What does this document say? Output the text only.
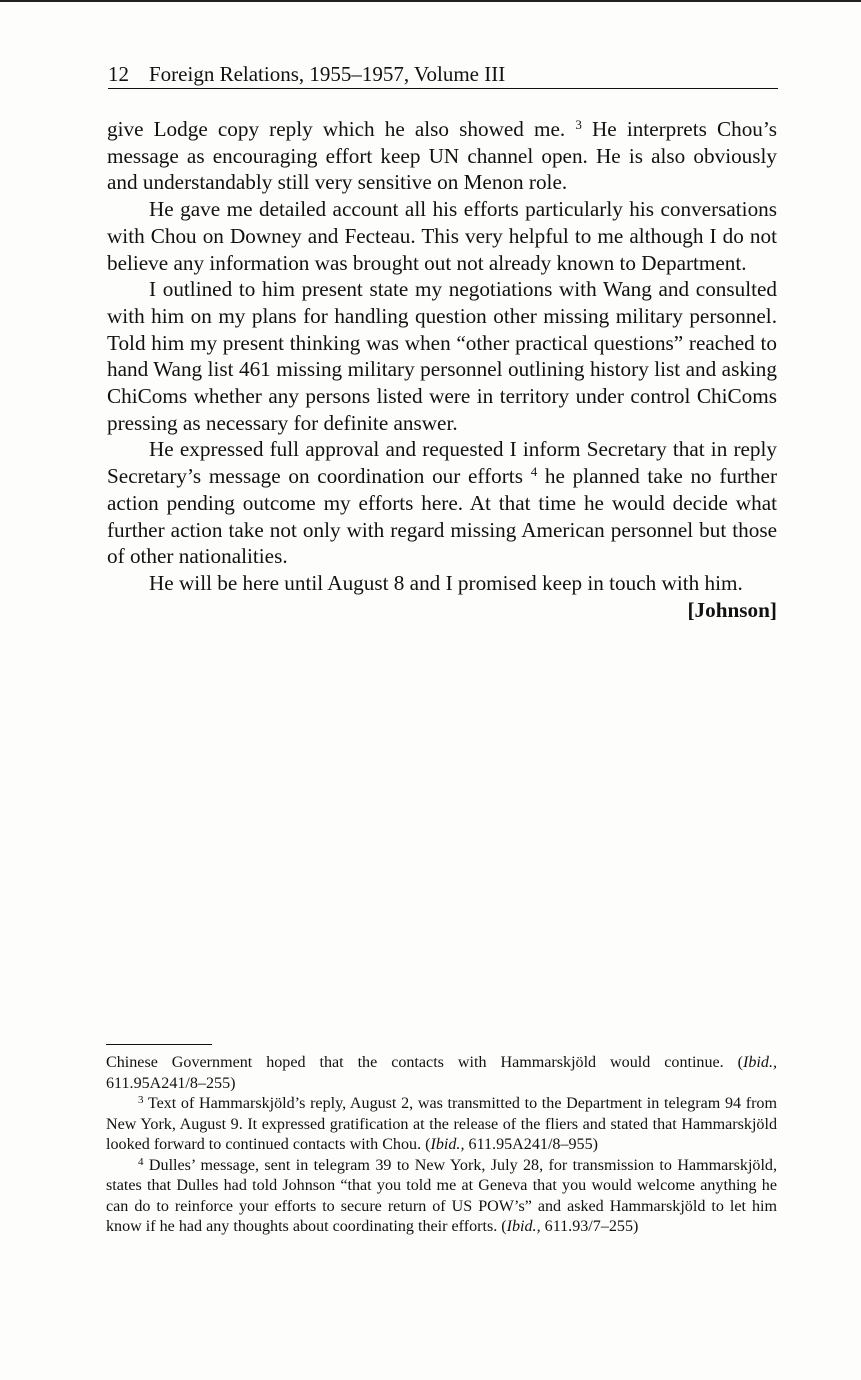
12 Foreign Relations, 1955–1957, Volume III

give Lodge copy reply which he also showed me. $^3$ He interprets Chou’s message as encouraging effort keep UN channel open. He is also obviously and understandably still very sensitive on Menon role.

He gave me detailed account all his efforts particularly his conversations with Chou on Downey and Fecteau. This very helpful to me although I do not believe any information was brought out not already known to Department.

I outlined to him present state my negotiations with Wang and consulted with him on my plans for handling question other missing military personnel. Told him my present thinking was when “other practical questions” reached to hand Wang list 461 missing military personnel outlining history list and asking ChiComs whether any persons listed were in territory under control ChiComs pressing as necessary for definite answer.

He expressed full approval and requested I inform Secretary that in reply Secretary’s message on coordination our efforts $^4$ he planned take no further action pending outcome my efforts here. At that time he would decide what further action take not only with regard missing American personnel but those of other nationalities.

He will be here until August 8 and I promised keep in touch with him.

[Johnson]

Chinese Government hoped that the contacts with Hammarskjöld would continue. (Ibid., 611.95A241/8–255)

$^3$ Text of Hammarskjöld’s reply, August 2, was transmitted to the Department in telegram 94 from New York, August 9. It expressed gratification at the release of the fliers and stated that Hammarskjöld looked forward to continued contacts with Chou. (Ibid., 611.95A241/8–955)

$^4$ Dulles’ message, sent in telegram 39 to New York, July 28, for transmission to Hammarskjöld, states that Dulles had told Johnson “that you told me at Geneva that you would welcome anything he can do to reinforce your efforts to secure return of US POW’s” and asked Hammarskjöld to let him know if he had any thoughts about coordinating their efforts. (Ibid., 611.93/7–255)
